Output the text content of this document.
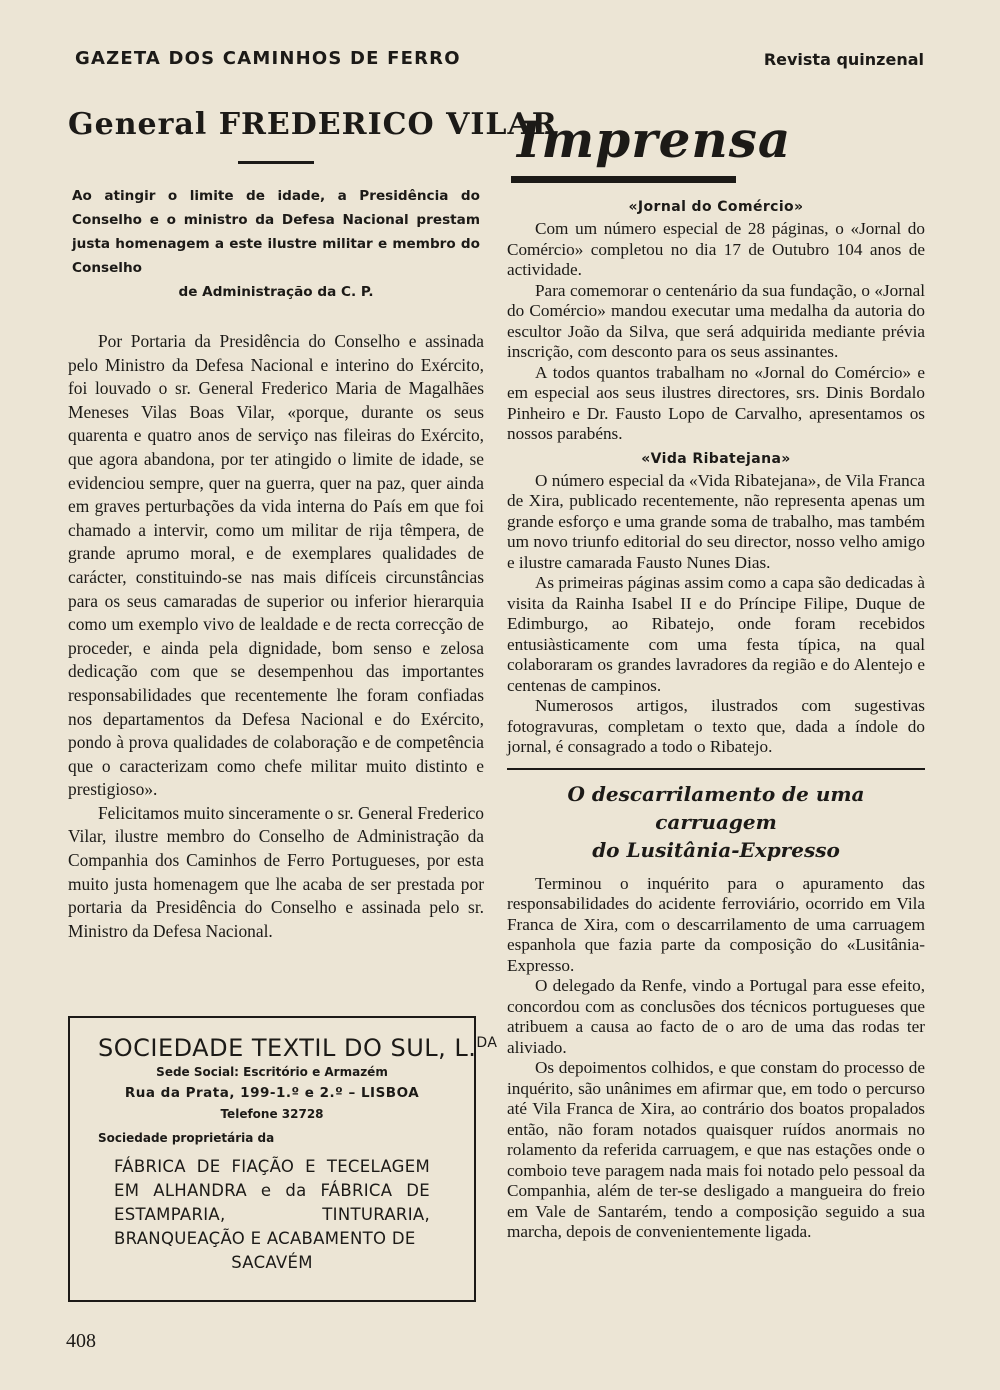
GAZETA DOS CAMINHOS DE FERRO	Revista quinzenal
General FREDERICO VILAR
Ao atingir o limite de idade, a Presidência do Conselho e o ministro da Defesa Nacional prestam justa homenagem a este ilustre militar e membro do Conselho
de Administração da C. P.

Por Portaria da Presidência do Conselho e assinada pelo Ministro da Defesa Nacional e interino do Exército, foi louvado o sr. General Frederico Maria de Magalhães Meneses Vilas Boas Vilar, «porque, durante os seus quarenta e quatro anos de serviço nas fileiras do Exército, que agora abandona, por ter atingido o limite de idade, se evidenciou sempre, quer na guerra, quer na paz, quer ainda em graves perturbações da vida interna do País em que foi chamado a intervir, como um militar de rija têmpera, de grande aprumo moral, e de exemplares qualidades de carácter, constituindo-se nas mais difíceis circunstâncias para os seus camaradas de superior ou inferior hierarquia como um exemplo vivo de lealdade e de recta correcção de proceder, e ainda pela dignidade, bom senso e zelosa dedicação com que se desempenhou das importantes responsabilidades que recentemente lhe foram confiadas nos departamentos da Defesa Nacional e do Exército, pondo à prova qualidades de colaboração e de competência que o caracterizam como chefe militar muito distinto e prestigioso».

Felicitamos muito sinceramente o sr. General Frederico Vilar, ilustre membro do Conselho de Administração da Companhia dos Caminhos de Ferro Portugueses, por esta muito justa homenagem que lhe acaba de ser prestada por portaria da Presidência do Conselho e assinada pelo sr. Ministro da Defesa Nacional.

SOCIEDADE TEXTIL DO SUL, L.$^{DA}$
Sede Social: Escritório e Armazém
Rua da Prata, 199-1.º e 2.º – LISBOA
Telefone 32728
Sociedade proprietária da
FÁBRICA DE FIAÇÃO E TECELAGEM EM ALHANDRA e da FÁBRICA DE ESTAMPARIA, TINTURARIA, BRANQUEAÇÃO E ACABAMENTO DE
SACAVÉM
Imprensa
«Jornal do Comércio»

Com um número especial de 28 páginas, o «Jornal do Comércio» completou no dia 17 de Outubro 104 anos de actividade.

Para comemorar o centenário da sua fundação, o «Jornal do Comércio» mandou executar uma medalha da autoria do escultor João da Silva, que será adquirida mediante prévia inscrição, com desconto para os seus assinantes.

A todos quantos trabalham no «Jornal do Comércio» e em especial aos seus ilustres directores, srs. Dinis Bordalo Pinheiro e Dr. Fausto Lopo de Carvalho, apresentamos os nossos parabéns.

«Vida Ribatejana»

O número especial da «Vida Ribatejana», de Vila Franca de Xira, publicado recentemente, não representa apenas um grande esforço e uma grande soma de trabalho, mas também um novo triunfo editorial do seu director, nosso velho amigo e ilustre camarada Fausto Nunes Dias.

As primeiras páginas assim como a capa são dedicadas à visita da Rainha Isabel II e do Príncipe Filipe, Duque de Edimburgo, ao Ribatejo, onde foram recebidos entusiàsticamente com uma festa típica, na qual colaboraram os grandes lavradores da região e do Alentejo e centenas de campinos.

Numerosos artigos, ilustrados com sugestivas fotogravuras, completam o texto que, dada a índole do jornal, é consagrado a todo o Ribatejo.

O descarrilamento de uma carruagem
do Lusitânia-Expresso

Terminou o inquérito para o apuramento das responsabilidades do acidente ferroviário, ocorrido em Vila Franca de Xira, com o descarrilamento de uma carruagem espanhola que fazia parte da composição do «Lusitânia-Expresso.

O delegado da Renfe, vindo a Portugal para esse efeito, concordou com as conclusões dos técnicos portugueses que atribuem a causa ao facto de o aro de uma das rodas ter aliviado.

Os depoimentos colhidos, e que constam do processo de inquérito, são unânimes em afirmar que, em todo o percurso até Vila Franca de Xira, ao contrário dos boatos propalados então, não foram notados quaisquer ruídos anormais no rolamento da referida carruagem, e que nas estações onde o comboio teve paragem nada mais foi notado pelo pessoal da Companhia, além de ter-se desligado a mangueira do freio em Vale de Santarém, tendo a composição seguido a sua marcha, depois de convenientemente ligada.

408
